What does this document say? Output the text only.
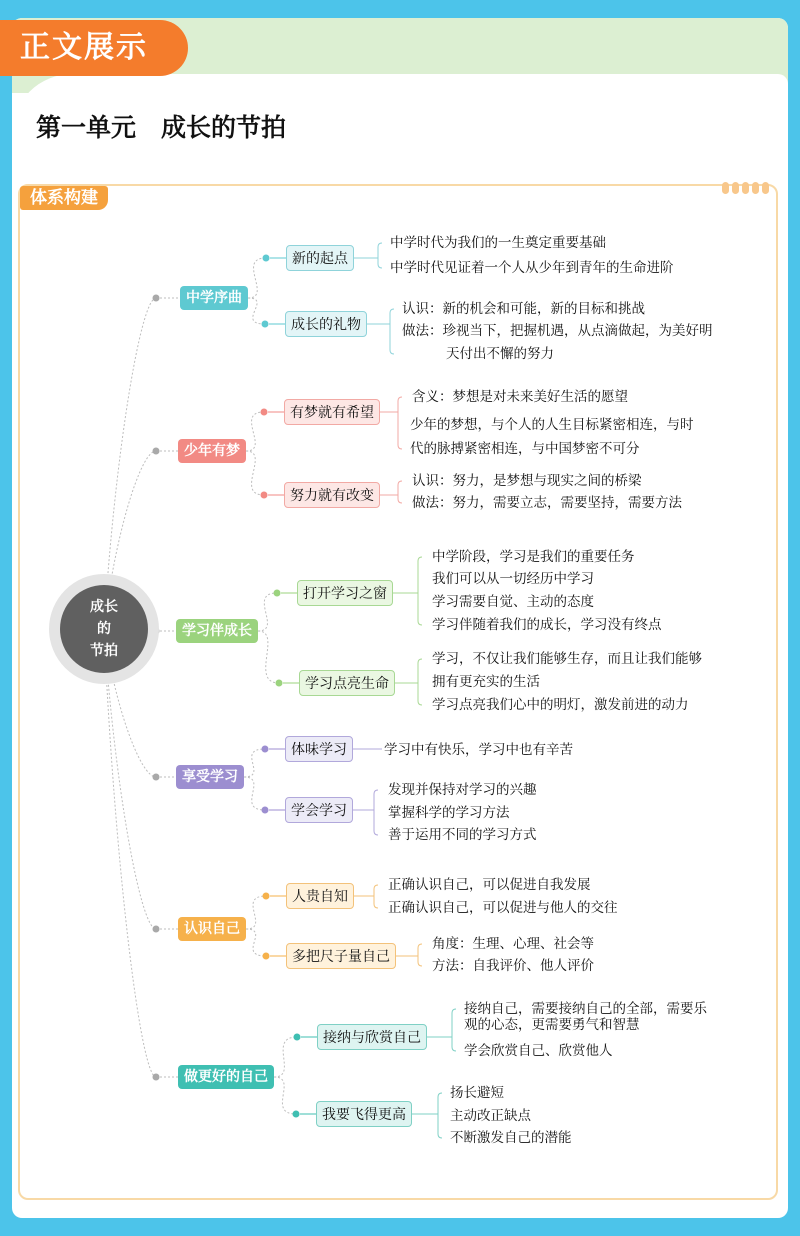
正文展示
第一单元　成长的节拍
体系构建
成长的
节拍
中学序曲
新的起点
中学时代为我们的一生奠定重要基础
中学时代见证着一个人从少年到青年的生命进阶
成长的礼物
认识：新的机会和可能，新的目标和挑战
做法：珍视当下，把握机遇，从点滴做起，为美好明
天付出不懈的努力
少年有梦
有梦就有希望
含义：梦想是对未来美好生活的愿望
少年的梦想，与个人的人生目标紧密相连，与时
代的脉搏紧密相连，与中国梦密不可分
努力就有改变
认识：努力，是梦想与现实之间的桥梁
做法：努力，需要立志，需要坚持，需要方法
学习伴成长
打开学习之窗
中学阶段，学习是我们的重要任务
我们可以从一切经历中学习
学习需要自觉、主动的态度
学习伴随着我们的成长，学习没有终点
学习点亮生命
学习，不仅让我们能够生存，而且让我们能够
拥有更充实的生活
学习点亮我们心中的明灯，激发前进的动力
享受学习
体味学习	学习中有快乐，学习中也有辛苦
学会学习
发现并保持对学习的兴趣
掌握科学的学习方法
善于运用不同的学习方式
认识自己
人贵自知
正确认识自己，可以促进自我发展
正确认识自己，可以促进与他人的交往
多把尺子量自己
角度：生理、心理、社会等
方法：自我评价、他人评价
做更好的自己
接纳与欣赏自己
接纳自己，需要接纳自己的全部，需要乐
观的心态，更需要勇气和智慧
学会欣赏自己、欣赏他人
我要飞得更高
扬长避短
主动改正缺点
不断激发自己的潜能
